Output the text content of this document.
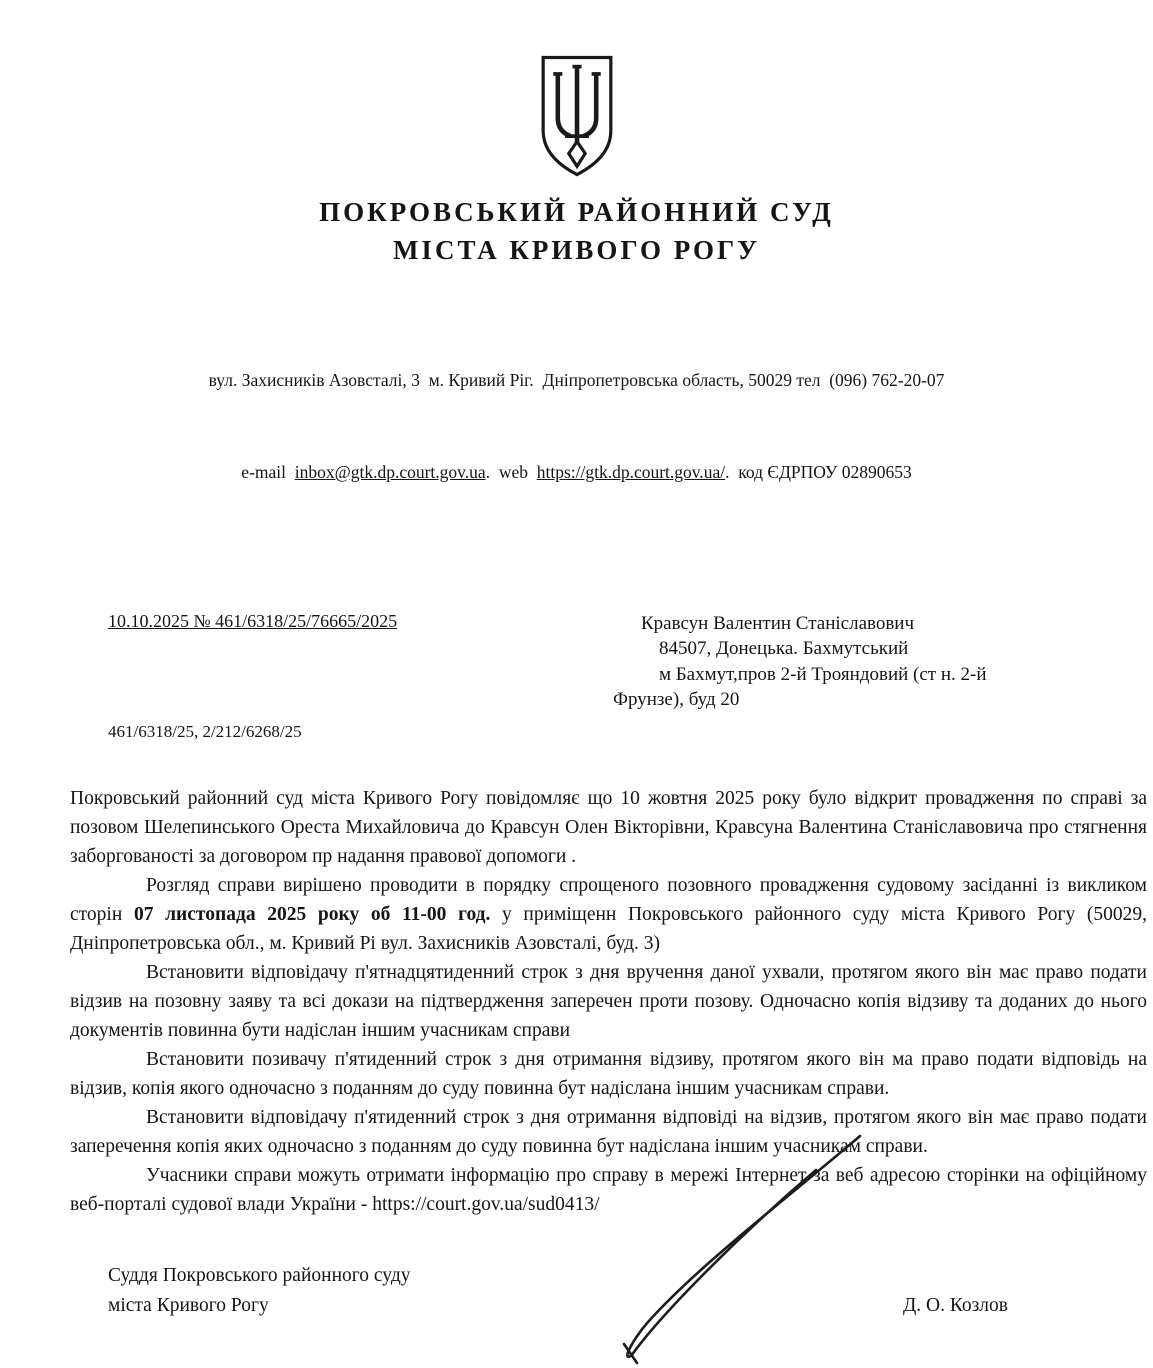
ПОКРОВСЬКИЙ РАЙОННИЙ СУД
МІСТА КРИВОГО РОГУ

вул. Захисників Азовсталі, 3  м. Кривий Ріг.  Дніпропетровська область, 50029 тел  (096) 762-20-07

e-mail  inbox@gtk.dp.court.gov.ua.  web  https://gtk.dp.court.gov.ua/.  код ЄДРПОУ 02890653

10.10.2025 № 461/6318/25/76665/2025	Кравсун Валентин Станіславович
84507, Донецька. Бахмутський
м Бахмут,пров 2-й Трояндовий (ст н. 2-й
Фрунзе), буд 20
461/6318/25, 2/212/6268/25

Покровський районний суд міста Кривого Рогу повідомляє що 10 жовтня 2025 року було відкрит провадження по справі за позовом Шелепинського Ореста Михайловича до Кравсун Олен Вікторівни, Кравсуна Валентина Станіславовича про стягнення заборгованості за договором пр надання правової допомоги .

Розгляд справи вирішено проводити в порядку спрощеного позовного провадження судовому засіданні із викликом сторін 07 листопада 2025 року об 11-00 год. у приміщенн Покровського районного суду міста Кривого Рогу (50029, Дніпропетровська обл., м. Кривий Рі вул. Захисників Азовсталі, буд. 3)

Встановити відповідачу п'ятнадцятиденний строк з дня вручення даної ухвали, протягом якого він має право подати відзив на позовну заяву та всі докази на підтвердження заперечен проти позову. Одночасно копія відзиву та доданих до нього документів повинна бути надіслан іншим учасникам справи

Встановити позивачу п'ятиденний строк з дня отримання відзиву, протягом якого він ма право подати відповідь на відзив, копія якого одночасно з поданням до суду повинна бут надіслана іншим учасникам справи.

Встановити відповідачу п'ятиденний строк з дня отримання відповіді на відзив, протягом якого він має право подати заперечення копія яких одночасно з поданням до суду повинна бут надіслана іншим учасникам справи.

Учасники справи можуть отримати інформацію про справу в мережі Інтернет за веб адресою сторінки на офіційному веб-порталі судової влади України - https://court.gov.ua/sud0413/

Суддя Покровського районного суду
міста Кривого Рогу	Д. О. Козлов
